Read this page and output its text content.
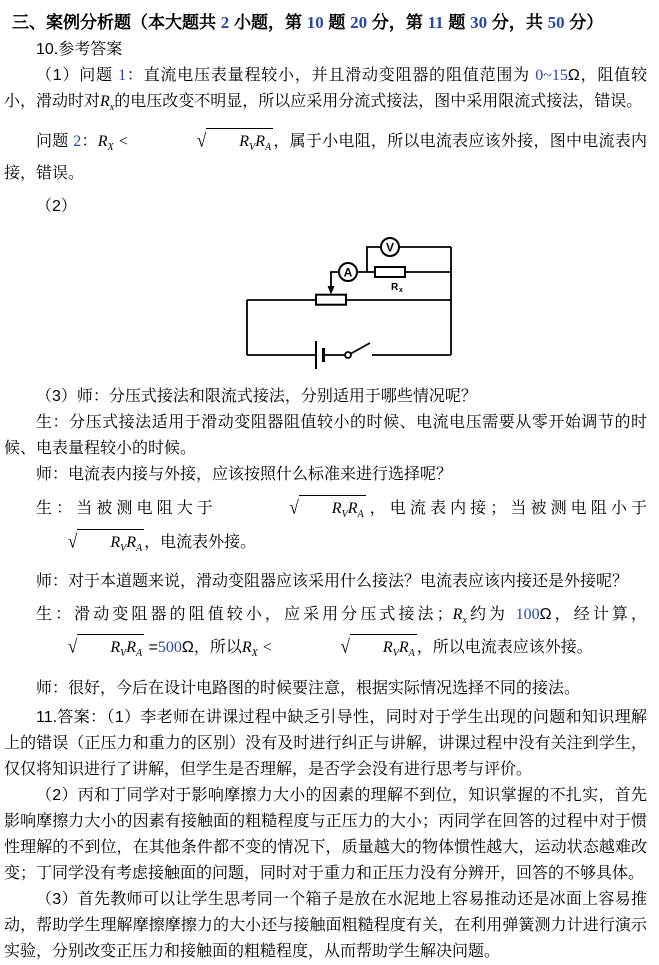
三、案例分析题（本大题共 2 小题，第 10 题 20 分，第 11 题 30 分，共 50 分）
10.参考答案
（1）问题 1：直流电压表量程较小，并且滑动变阻器的阻值范围为 0~15Ω，阻值较小，滑动时对$R_x$的电压改变不明显，所以应采用分流式接法，图中采用限流式接法，错误。
问题 2：$R_X$ <	√ $R_VR_A$ ，属于小电阻，所以电流表应该外接，图中电流表内接，错误。
（2）
A
R x
V
（3）师：分压式接法和限流式接法，分别适用于哪些情况呢？
生：分压式接法适用于滑动变阻器阻值较小的时候、电流电压需要从零开始调节的时候、电表量程较小的时候。
师：电流表内接与外接，应该按照什么标准来进行选择呢？
生：当被测电阻大于	√ $R_VR_A$ ，电流表内接；当被测电阻小于 √ $R_VR_A$ ，电流表外接。
师：对于本道题来说，滑动变阻器应该采用什么接法？电流表应该内接还是外接呢？
生：滑动变阻器的阻值较小，应采用分压式接法；$R_x$约为 100Ω，经计算，√ $R_VR_A =500\Omega$，所以$R_X$ <	√ $R_VR_A$ ，所以电流表应该外接。
师：很好，今后在设计电路图的时候要注意，根据实际情况选择不同的接法。
11.答案：（1）李老师在讲课过程中缺乏引导性，同时对于学生出现的问题和知识理解上的错误（正压力和重力的区别）没有及时进行纠正与讲解，讲课过程中没有关注到学生，仅仅将知识进行了讲解，但学生是否理解，是否学会没有进行思考与评价。
（2）丙和丁同学对于影响摩擦力大小的因素的理解不到位，知识掌握的不扎实，首先影响摩擦力大小的因素有接触面的粗糙程度与正压力的大小；丙同学在回答的过程中对于惯性理解的不到位，在其他条件都不变的情况下，质量越大的物体惯性越大，运动状态越难改变；丁同学没有考虑接触面的问题，同时对于重力和正压力没有分辨开，回答的不够具体。
（3）首先教师可以让学生思考同一个箱子是放在水泥地上容易推动还是冰面上容易推动，帮助学生理解摩擦摩擦力的大小还与接触面粗糙程度有关，在利用弹簧测力计进行演示实验，分别改变正压力和接触面的粗糙程度，从而帮助学生解决问题。
